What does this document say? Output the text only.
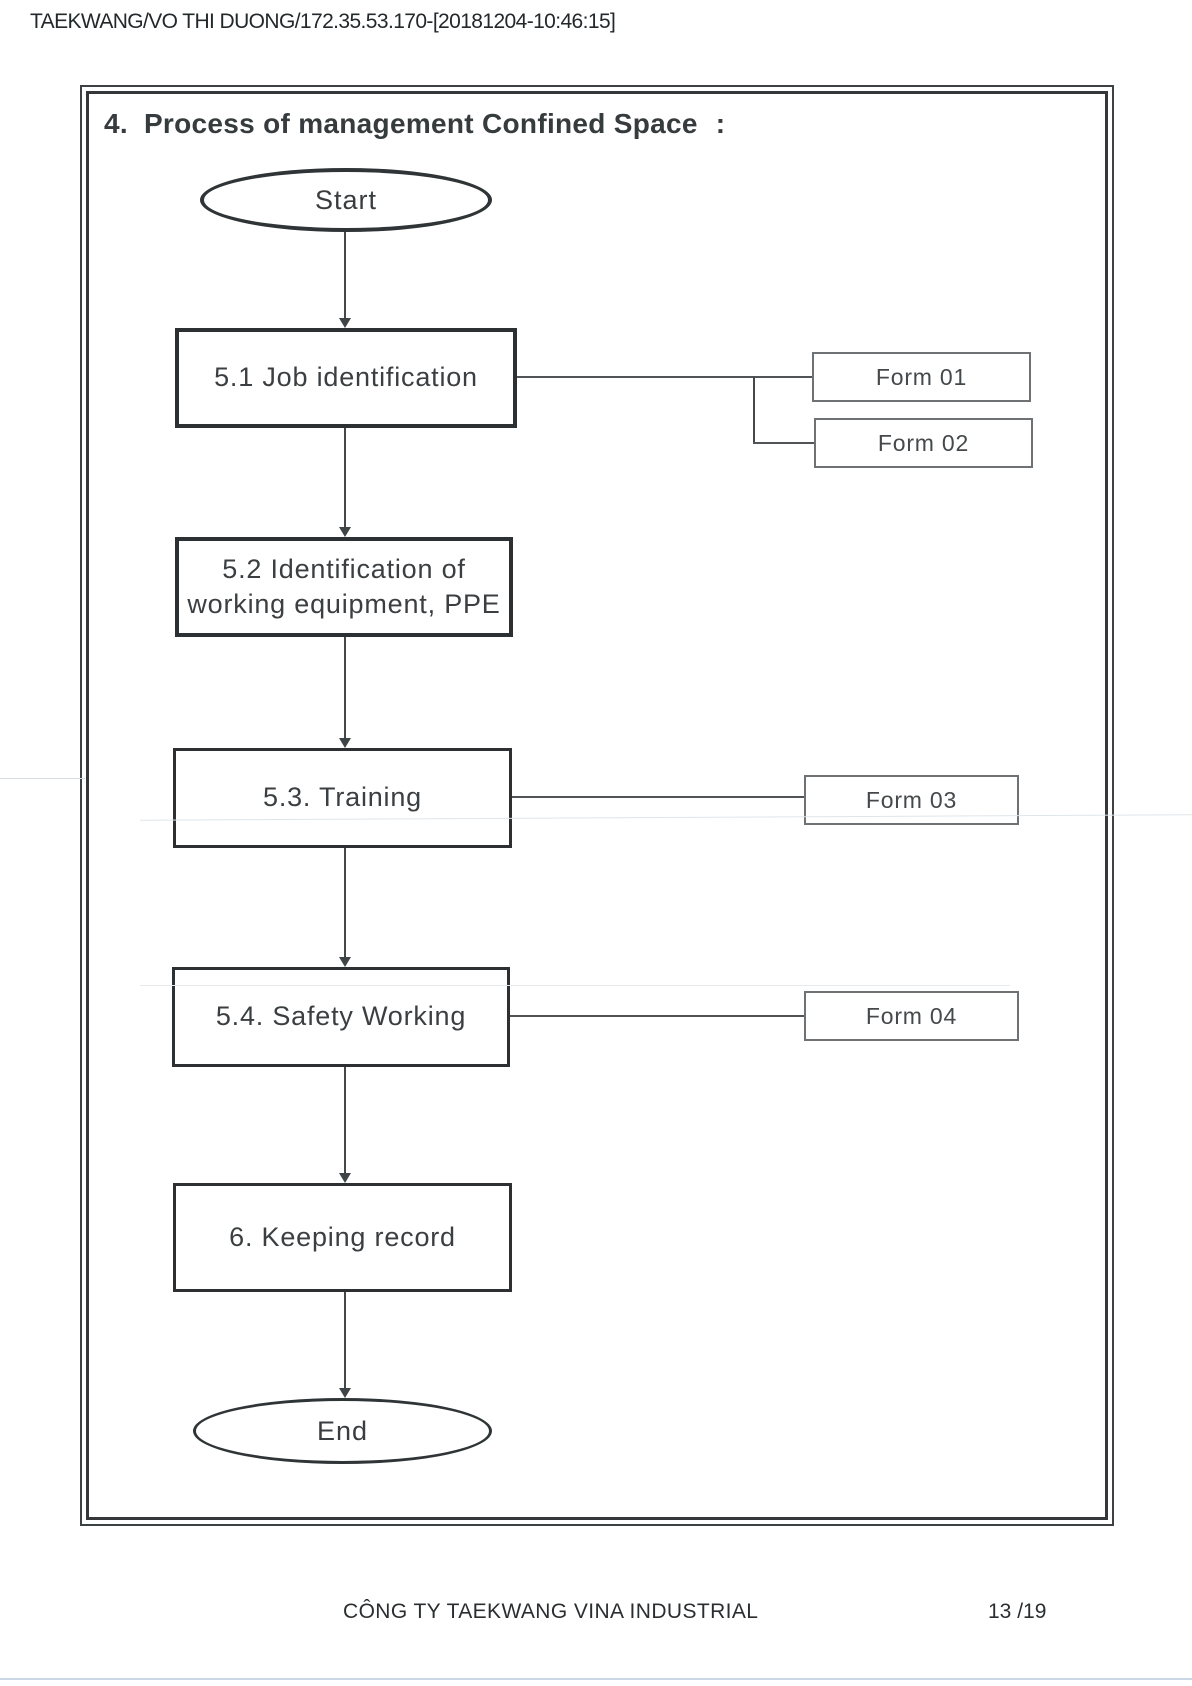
TAEKWANG/VO THI DUONG/172.35.53.170-[20181204-10:46:15]
4. Process of management Confined Space :
Start
5.1 Job identification	Form 01
Form 02
5.2 Identification of
working equipment, PPE
5.3. Training	Form 03
5.4. Safety Working	Form 04
6. Keeping record
End
CÔNG TY TAEKWANG VINA INDUSTRIAL	13 /19
